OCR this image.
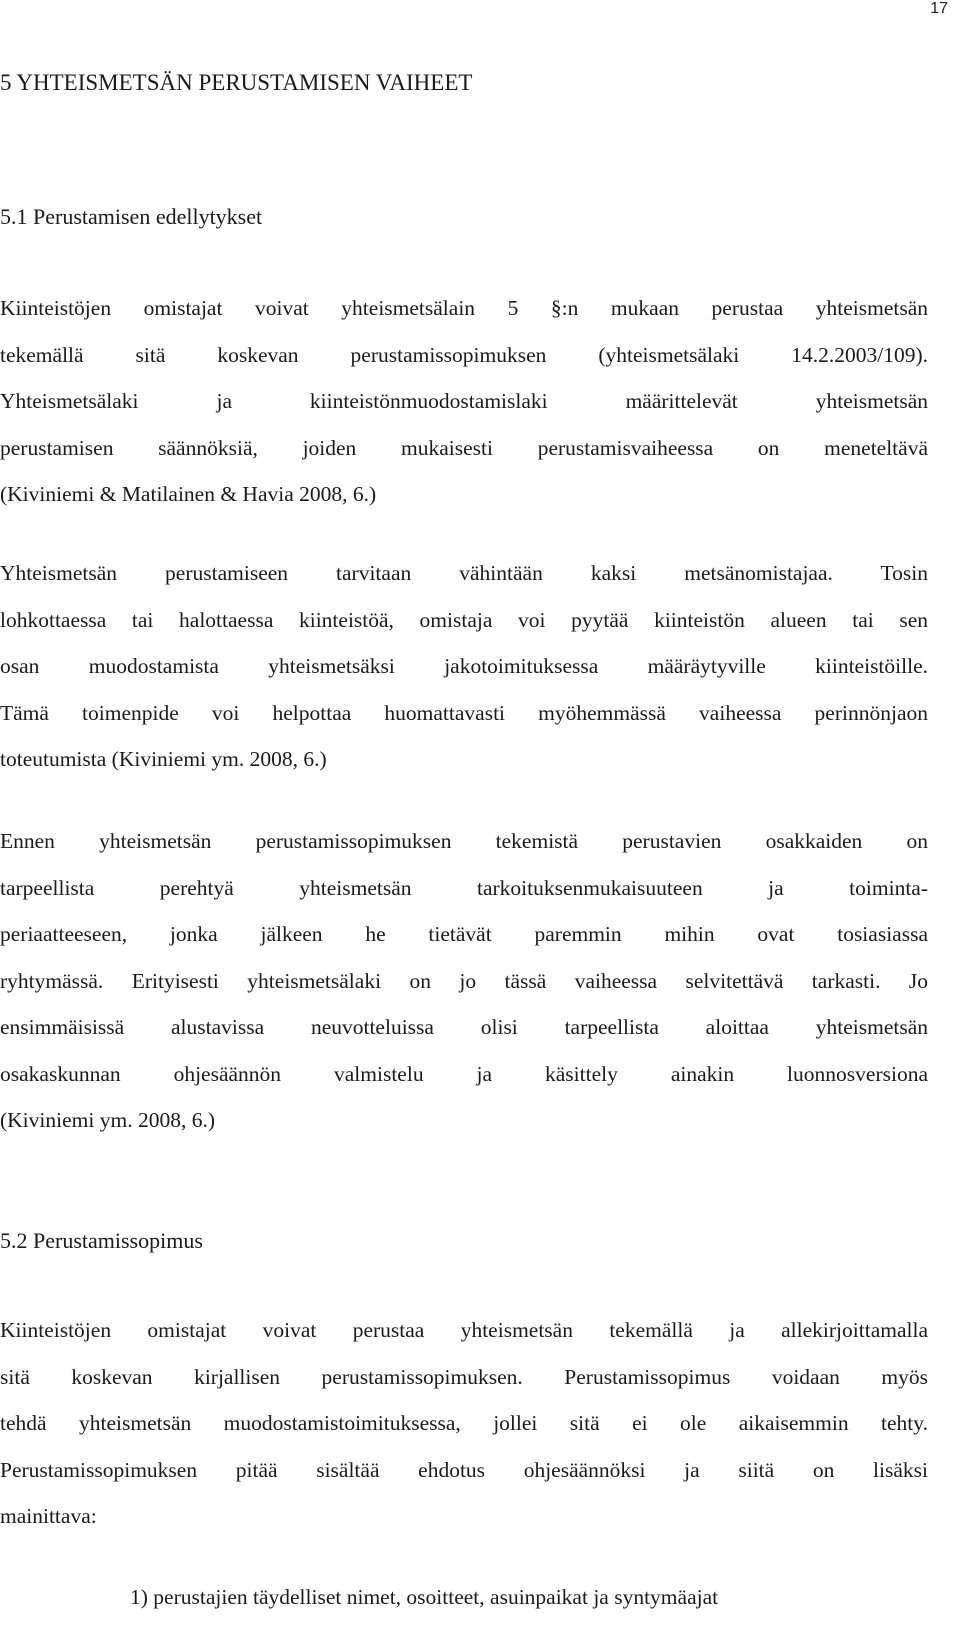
17
5 YHTEISMETSÄN PERUSTAMISEN VAIHEET
5.1 Perustamisen edellytykset

Kiinteistöjen omistajat voivat yhteismetsälain 5 §:n mukaan perustaa yhteismetsän
tekemällä sitä koskevan perustamissopimuksen (yhteismetsälaki 14.2.2003/109).
Yhteismetsälaki ja kiinteistönmuodostamislaki määrittelevät yhteismetsän
perustamisen säännöksiä, joiden mukaisesti perustamisvaiheessa on meneteltävä
(Kiviniemi & Matilainen & Havia 2008, 6.)

Yhteismetsän perustamiseen tarvitaan vähintään kaksi metsänomistajaa. Tosin
lohkottaessa tai halottaessa kiinteistöä, omistaja voi pyytää kiinteistön alueen tai sen
osan muodostamista yhteismetsäksi jakotoimituksessa määräytyville kiinteistöille.
Tämä toimenpide voi helpottaa huomattavasti myöhemmässä vaiheessa perinnönjaon
toteutumista (Kiviniemi ym. 2008, 6.)

Ennen yhteismetsän perustamissopimuksen tekemistä perustavien osakkaiden on
tarpeellista perehtyä yhteismetsän tarkoituksenmukaisuuteen ja toiminta-
periaatteeseen, jonka jälkeen he tietävät paremmin mihin ovat tosiasiassa
ryhtymässä. Erityisesti yhteismetsälaki on jo tässä vaiheessa selvitettävä tarkasti. Jo
ensimmäisissä alustavissa neuvotteluissa olisi tarpeellista aloittaa yhteismetsän
osakaskunnan ohjesäännön valmistelu ja käsittely ainakin luonnosversiona
(Kiviniemi ym. 2008, 6.)

5.2 Perustamissopimus

Kiinteistöjen omistajat voivat perustaa yhteismetsän tekemällä ja allekirjoittamalla
sitä koskevan kirjallisen perustamissopimuksen. Perustamissopimus voidaan myös
tehdä yhteismetsän muodostamistoimituksessa, jollei sitä ei ole aikaisemmin tehty.
Perustamissopimuksen pitää sisältää ehdotus ohjesäännöksi ja siitä on lisäksi
mainittava:

1) perustajien täydelliset nimet, osoitteet, asuinpaikat ja syntymäajat
